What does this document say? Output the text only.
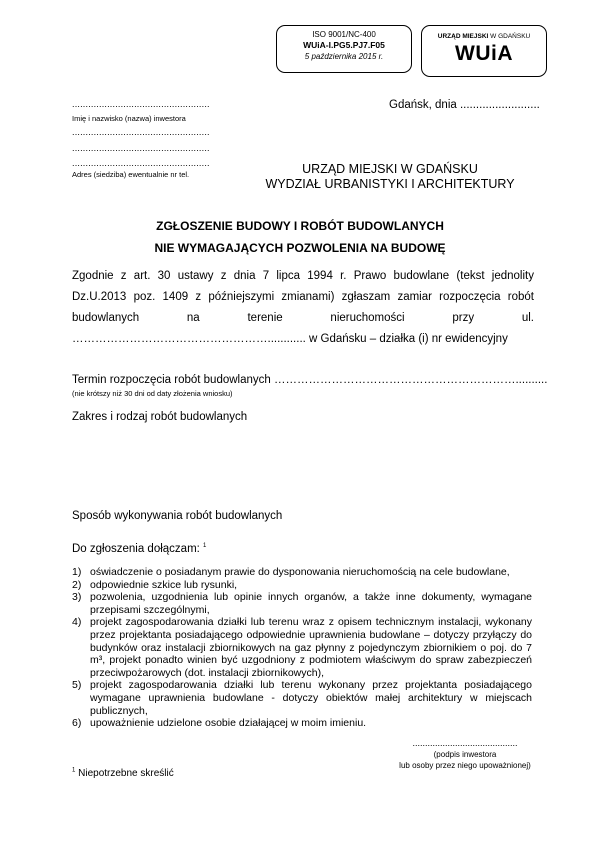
ISO 9001/NC-400
WUiA-I.PG5.PJ7.F05
5 października 2015 r.
URZĄD MIEJSKI W GDAŃSKU
WUiA
...................................................
Imię i nazwisko (nazwa) inwestora
...................................................
...................................................
...................................................
Adres (siedziba) ewentualnie nr tel.
Gdańsk, dnia .........................
URZĄD MIEJSKI W GDAŃSKU
WYDZIAŁ URBANISTYKI I ARCHITEKTURY
ZGŁOSZENIE BUDOWY I ROBÓT BUDOWLANYCH
NIE WYMAGAJĄCYCH POZWOLENIA NA BUDOWĘ
Zgodnie z art. 30 ustawy z dnia 7 lipca 1994 r. Prawo budowlane (tekst jednolity Dz.U.2013 poz. 1409 z późniejszymi zmianami) zgłaszam zamiar rozpoczęcia robót budowlanych na terenie nieruchomości przy ul. ……………………………………………............ w Gdańsku – działka (i) nr ewidencyjny
Termin rozpoczęcia robót budowlanych ………………………………………………………..........
(nie krótszy niż 30 dni od daty złożenia wniosku)
Zakres i rodzaj robót budowlanych
Sposób wykonywania robót budowlanych
Do zgłoszenia dołączam: $^1$
1) oświadczenie o posiadanym prawie do dysponowania nieruchomością na cele budowlane,
2) odpowiednie szkice lub rysunki,
3) pozwolenia, uzgodnienia lub opinie innych organów, a także inne dokumenty, wymagane przepisami szczególnymi,
4) projekt zagospodarowania działki lub terenu wraz z opisem technicznym instalacji, wykonany przez projektanta posiadającego odpowiednie uprawnienia budowlane – dotyczy przyłączy do budynków oraz instalacji zbiornikowych na gaz płynny z pojedynczym zbiornikiem o poj. do 7 m³, projekt ponadto winien być uzgodniony z podmiotem właściwym do spraw zabezpieczeń przeciwpożarowych (dot. instalacji zbiornikowych),
5) projekt zagospodarowania działki lub terenu wykonany przez projektanta posiadającego wymagane uprawnienia budowlane - dotyczy obiektów małej architektury w miejscach publicznych,
6) upoważnienie udzielone osobie działającej w moim imieniu.
..........................................
(podpis inwestora
lub osoby przez niego upoważnionej)
$^1$ Niepotrzebne skreślić
